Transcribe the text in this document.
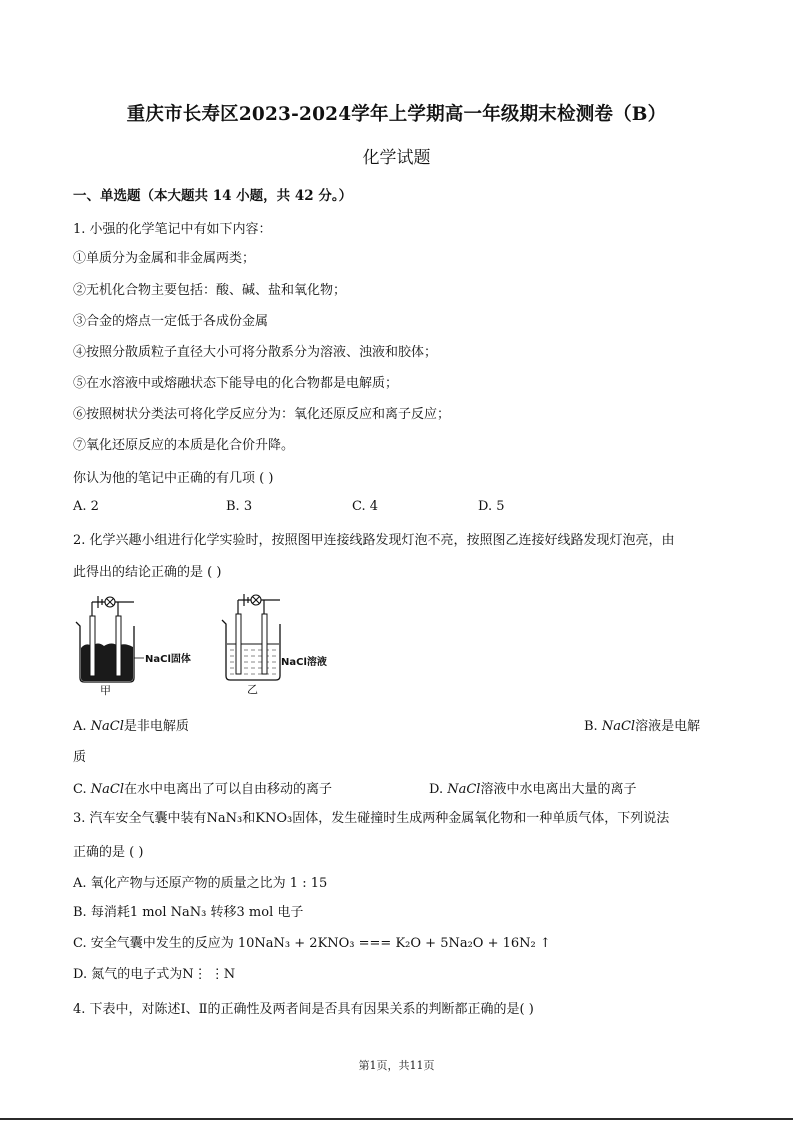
重庆市长寿区2023-2024学年上学期高一年级期末检测卷（B）
化学试题
一、单选题（本大题共 14 小题，共 42 分。）
1. 小强的化学笔记中有如下内容：
①单质分为金属和非金属两类；
②无机化合物主要包括：酸、碱、盐和氧化物；
③合金的熔点一定低于各成份金属
④按照分散质粒子直径大小可将分散系分为溶液、浊液和胶体；
⑤在水溶液中或熔融状态下能导电的化合物都是电解质；
⑥按照树状分类法可将化学反应分为：氧化还原反应和离子反应；
⑦氧化还原反应的本质是化合价升降。
你认为他的笔记中正确的有几项 ( )
A. 2	B. 3	C. 4	D. 5
2. 化学兴趣小组进行化学实验时，按照图甲连接线路发现灯泡不亮，按照图乙连接好线路发现灯泡亮，由
此得出的结论正确的是 ( )
NaCl固体
甲
NaCl溶液
乙
A. NaCl是非电解质	B. NaCl溶液是电解
质
C. NaCl在水中电离出了可以自由移动的离子	D. NaCl溶液中水电离出大量的离子
3. 汽车安全气囊中装有NaN₃和KNO₃固体，发生碰撞时生成两种金属氧化物和一种单质气体，下列说法
正确的是 ( )
A. 氧化产物与还原产物的质量之比为 1 : 15
B. 每消耗1 mol NaN₃ 转移3 mol 电子
C. 安全气囊中发生的反应为 10NaN₃ + 2KNO₃ === K₂O + 5Na₂O + 16N₂ ↑
D. 氮气的电子式为N⋮ ⋮N
4. 下表中，对陈述Ⅰ、Ⅱ的正确性及两者间是否具有因果关系的判断都正确的是( )
第1页，共11页
